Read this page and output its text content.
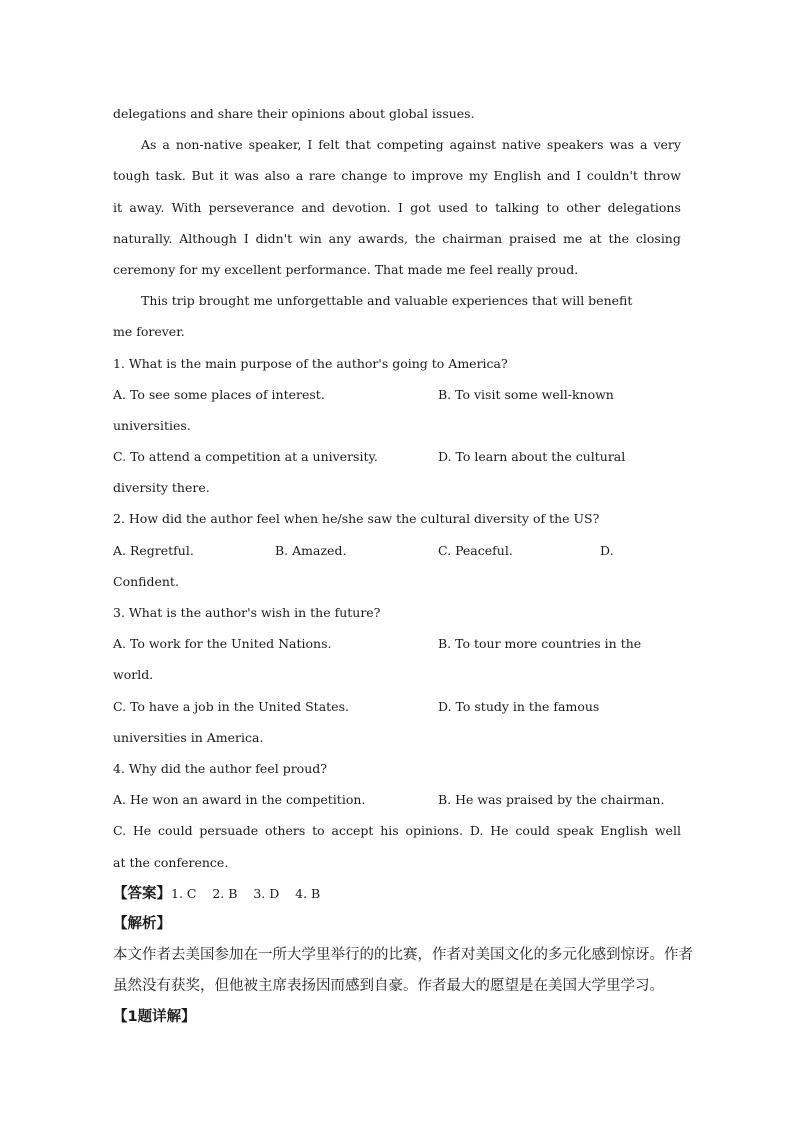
delegations and share their opinions about global issues.
As a non-native speaker, I felt that competing against native speakers was a very
tough task. But it was also a rare change to improve my English and I couldn't throw
it away. With perseverance and devotion. I got used to talking to other delegations
naturally. Although I didn't win any awards, the chairman praised me at the closing
ceremony for my excellent performance. That made me feel really proud.
This trip brought me unforgettable and valuable experiences that will benefit
me forever.
1. What is the main purpose of the author's going to America?
A. To see some places of interest.	B. To visit some well-known
universities.
C. To attend a competition at a university.	D. To learn about the cultural
diversity there.
2. How did the author feel when he/she saw the cultural diversity of the US?
A. Regretful.	B. Amazed.	C. Peaceful.	D.
Confident.
3. What is the author's wish in the future?
A. To work for the United Nations.	B. To tour more countries in the
world.
C. To have a job in the United States.	D. To study in the famous
universities in America.
4. Why did the author feel proud?
A. He won an award in the competition.	B. He was praised by the chairman.
C. He could persuade others to accept his opinions. D. He could speak English well
at the conference.
【答案】1. C    2. B    3. D    4. B
【解析】
本文作者去美国参加在一所大学里举行的的比赛，作者对美国文化的多元化感到惊讶。作者
虽然没有获奖，但他被主席表扬因而感到自豪。作者最大的愿望是在美国大学里学习。
【1题详解】
